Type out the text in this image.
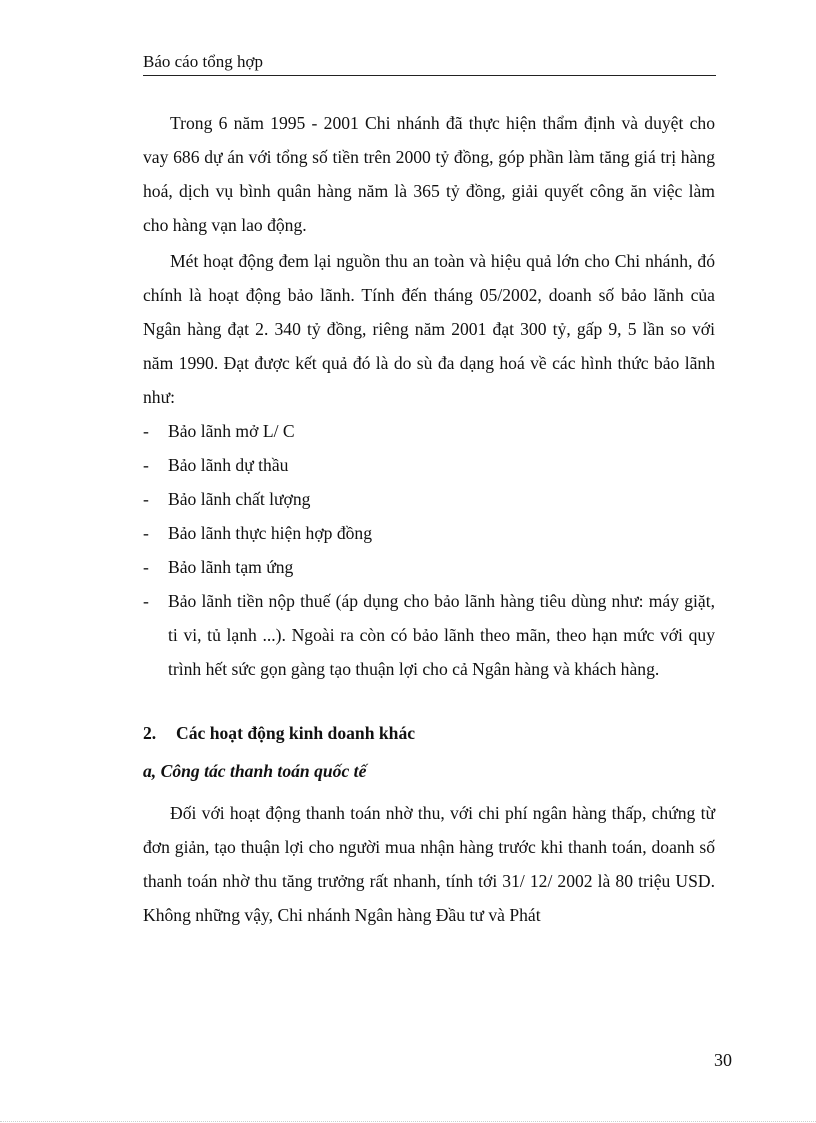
Báo cáo tổng hợp

Trong 6 năm 1995 - 2001 Chi nhánh đã thực hiện thẩm định và duyệt cho vay 686 dự án với tổng số tiền trên 2000 tỷ đồng, góp phần làm tăng giá trị hàng hoá, dịch vụ bình quân hàng năm là 365 tỷ đồng, giải quyết công ăn việc làm cho hàng vạn lao động.

Mét hoạt động đem lại nguồn thu an toàn và hiệu quả lớn cho Chi nhánh, đó chính là hoạt động bảo lãnh. Tính đến tháng 05/2002, doanh số bảo lãnh của Ngân hàng đạt 2. 340 tỷ đồng, riêng năm 2001 đạt 300 tỷ, gấp 9, 5 lần so với năm 1990. Đạt được kết quả đó là do sù đa dạng hoá về các hình thức bảo lãnh như:

- Bảo lãnh mở L/ C
- Bảo lãnh dự thầu
- Bảo lãnh chất lượng
- Bảo lãnh thực hiện hợp đồng
- Bảo lãnh tạm ứng
- Bảo lãnh tiền nộp thuế (áp dụng cho bảo lãnh hàng tiêu dùng như: máy giặt, ti vi, tủ lạnh ...). Ngoài ra còn có bảo lãnh theo mãn, theo hạn mức với quy trình hết sức gọn gàng tạo thuận lợi cho cả Ngân hàng và khách hàng.

2. Các hoạt động kinh doanh khác

a, Công tác thanh toán quốc tế

Đối với hoạt động thanh toán nhờ thu, với chi phí ngân hàng thấp, chứng từ đơn giản, tạo thuận lợi cho người mua nhận hàng trước khi thanh toán, doanh số thanh toán nhờ thu tăng trưởng rất nhanh, tính tới 31/ 12/ 2002 là 80 triệu USD. Không những vậy, Chi nhánh Ngân hàng Đầu tư và Phát

30
